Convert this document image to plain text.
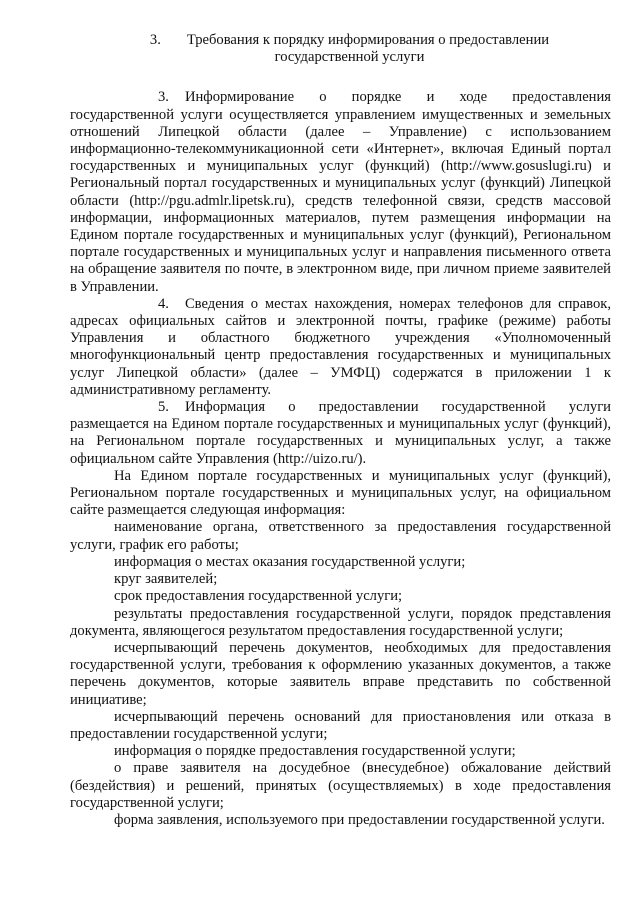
3. Требования к порядку информирования о предоставлении
государственной услуги

3. Информирование о порядке и ходе предоставления государственной услуги осуществляется управлением имущественных и земельных отношений Липецкой области (далее – Управление) с использованием информационно-телекоммуникационной сети «Интернет», включая Единый портал государственных и муниципальных услуг (функций) (http://www.gosuslugi.ru) и Региональный портал государственных и муниципальных услуг (функций) Липецкой области (http://pgu.admlr.lipetsk.ru), средств телефонной связи, средств массовой информации, информационных материалов, путем размещения информации на Едином портале государственных и муниципальных услуг (функций), Региональном портале государственных и муниципальных услуг и направления письменного ответа на обращение заявителя по почте, в электронном виде, при личном приеме заявителей в Управлении.

4. Сведения о местах нахождения, номерах телефонов для справок, адресах официальных сайтов и электронной почты, графике (режиме) работы Управления и областного бюджетного учреждения «Уполномоченный многофункциональный центр предоставления государственных и муниципальных услуг Липецкой области» (далее – УМФЦ) содержатся в приложении 1 к административному регламенту.

5. Информация о предоставлении государственной услуги размещается на Едином портале государственных и муниципальных услуг (функций), на Региональном портале государственных и муниципальных услуг, а также официальном сайте Управления (http://uizo.ru/).

На Едином портале государственных и муниципальных услуг (функций), Региональном портале государственных и муниципальных услуг, на официальном сайте размещается следующая информация:

наименование органа, ответственного за предоставления государственной услуги, график его работы;

информация о местах оказания государственной услуги;

круг заявителей;

срок предоставления государственной услуги;

результаты предоставления государственной услуги, порядок представления документа, являющегося результатом предоставления государственной услуги;

исчерпывающий перечень документов, необходимых для предоставления государственной услуги, требования к оформлению указанных документов, а также перечень документов, которые заявитель вправе представить по собственной инициативе;

исчерпывающий перечень оснований для приостановления или отказа в предоставлении государственной услуги;

информация о порядке предоставления государственной услуги;

о праве заявителя на досудебное (внесудебное) обжалование действий (бездействия) и решений, принятых (осуществляемых) в ходе предоставления государственной услуги;

форма заявления, используемого при предоставлении государственной услуги.
